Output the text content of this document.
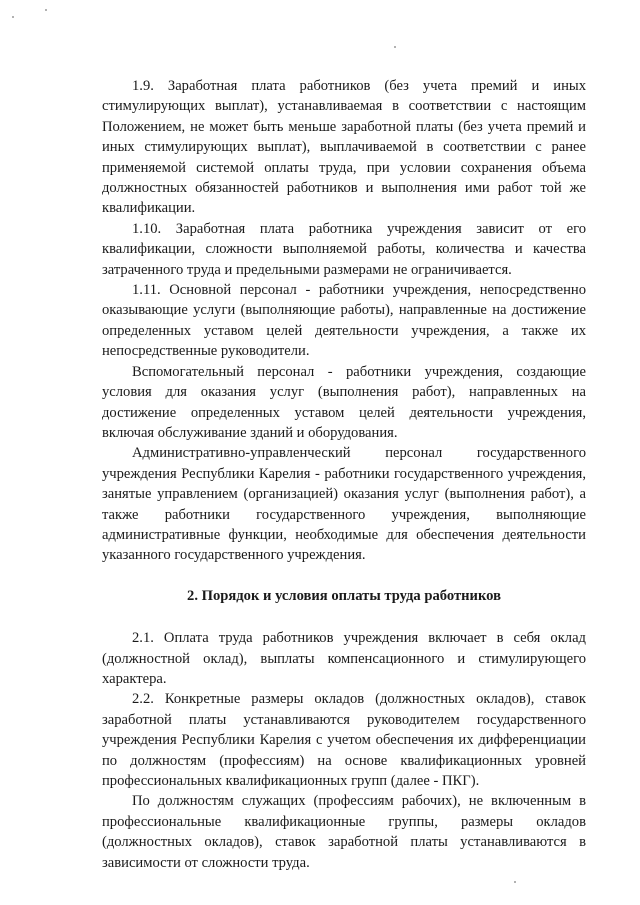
1.9. Заработная плата работников (без учета премий и иных стимулирующих выплат), устанавливаемая в соответствии с настоящим Положением, не может быть меньше заработной платы (без учета премий и иных стимулирующих выплат), выплачиваемой в соответствии с ранее применяемой системой оплаты труда, при условии сохранения объема должностных обязанностей работников и выполнения ими работ той же квалификации.

1.10. Заработная плата работника учреждения зависит от его квалификации, сложности выполняемой работы, количества и качества затраченного труда и предельными размерами не ограничивается.

1.11. Основной персонал - работники учреждения, непосредственно оказывающие услуги (выполняющие работы), направленные на достижение определенных уставом целей деятельности учреждения, а также их непосредственные руководители.

Вспомогательный персонал - работники учреждения, создающие условия для оказания услуг (выполнения работ), направленных на достижение определенных уставом целей деятельности учреждения, включая обслуживание зданий и оборудования.

Административно-управленческий персонал государственного учреждения Республики Карелия - работники государственного учреждения, занятые управлением (организацией) оказания услуг (выполнения работ), а также работники государственного учреждения, выполняющие административные функции, необходимые для обеспечения деятельности указанного государственного учреждения.

2. Порядок и условия оплаты труда работников

2.1. Оплата труда работников учреждения включает в себя оклад (должностной оклад), выплаты компенсационного и стимулирующего характера.

2.2. Конкретные размеры окладов (должностных окладов), ставок заработной платы устанавливаются руководителем государственного учреждения Республики Карелия с учетом обеспечения их дифференциации по должностям (профессиям) на основе квалификационных уровней профессиональных квалификационных групп (далее - ПКГ).

По должностям служащих (профессиям рабочих), не включенным в профессиональные квалификационные группы, размеры окладов (должностных окладов), ставок заработной платы устанавливаются в зависимости от сложности труда.
